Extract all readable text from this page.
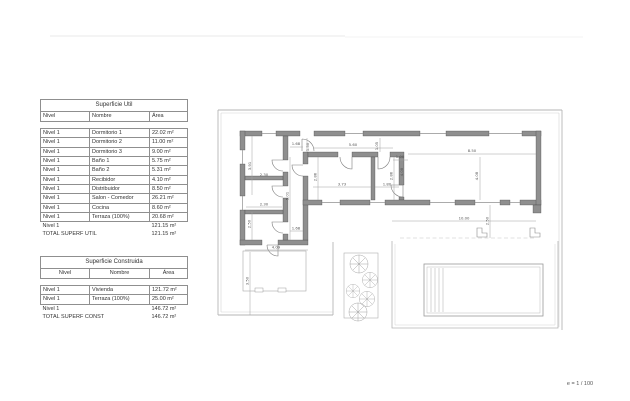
1.68 1.50	5.60	1.05
1.00
4.08
8.50
4.08
3.91
2.30	2.86
3.73	1.80
2.86
5.01
2.30
2.50	1.68
4.09
3.50
10.00	2.50
Superficie Util		
Nivel	Nombre	Área

Nivel 1	Dormitorio 1	22.02 m²
Nivel 1	Dormitorio 2	11.00 m²
Nivel 1	Dormitorio 3	9.00 m²
Nivel 1	Baño 1	5.75 m²
Nivel 1	Baño 2	5.31 m²
Nivel 1	Recibidor	4.10 m²
Nivel 1	Distribuidor	8.50 m²
Nivel 1	Salon - Comedor	26.21 m²
Nivel 1	Cocina	8.60 m²
Nivel 1	Terraza (100%)	20.68 m²
Nivel 1		121.15 m²
TOTAL SUPERF UTIL		121.15 m²
Superficie Construida		
Nivel	Nombre	Área

Nivel 1	Vivienda	121.72 m²
Nivel 1	Terraza (100%)	25.00 m²
Nivel 1		146.72 m²
TOTAL SUPERF CONST		146.72 m²
e = 1 / 100
